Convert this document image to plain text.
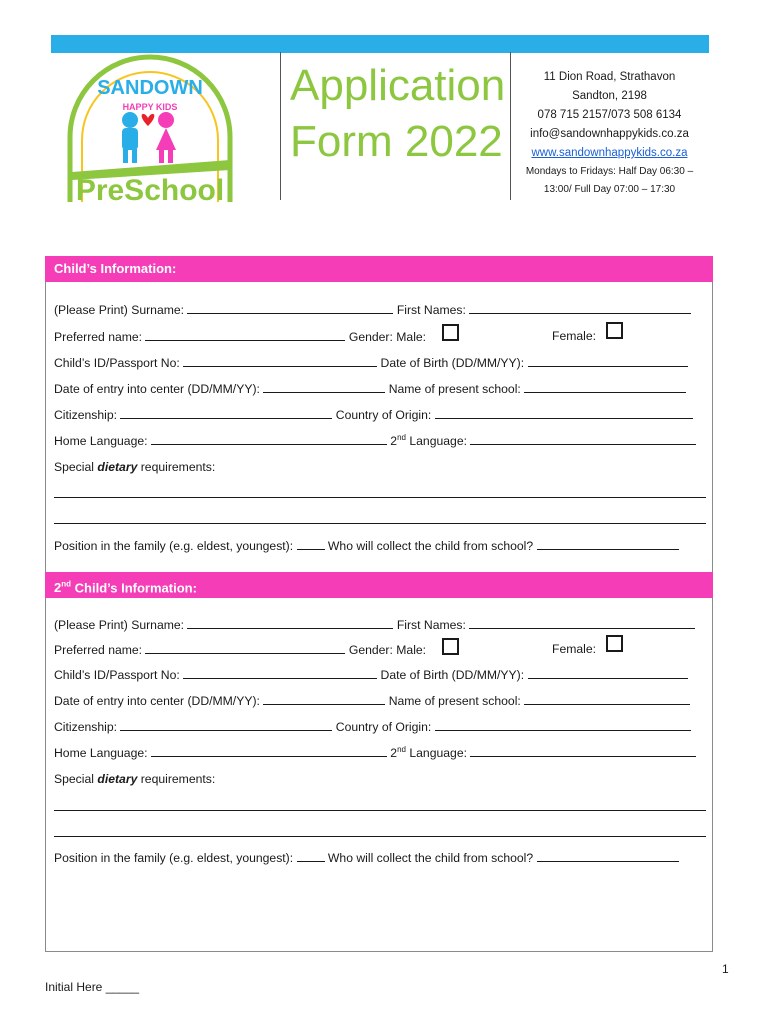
SANDOWN
HAPPY KIDS
PreSchool
Application
Form 2022
11 Dion Road, Strathavon
Sandton, 2198
078 715 2157/073 508 6134
info@sandownhappykids.co.za
www.sandownhappykids.co.za
Mondays to Fridays: Half Day 06:30 –
13:00/ Full Day 07:00 – 17:30
Child’s Information:
(Please Print) Surname:	First Names:
Preferred name:	Gender: Male:	Female:
Child’s ID/Passport No:	Date of Birth (DD/MM/YY):
Date of entry into center (DD/MM/YY):	Name of present school:
Citizenship:	Country of Origin:
Home Language:	2nd Language:
Special dietary requirements:
Position in the family (e.g. eldest, youngest):	Who will collect the child from school?
2nd Child’s Information:
(Please Print) Surname:	First Names:
Preferred name:	Gender: Male:	Female:
Child’s ID/Passport No:	Date of Birth (DD/MM/YY):
Date of entry into center (DD/MM/YY):	Name of present school:
Citizenship:	Country of Origin:
Home Language:	2nd Language:
Special dietary requirements:
Position in the family (e.g. eldest, youngest):	Who will collect the child from school?
1
Initial Here _____
